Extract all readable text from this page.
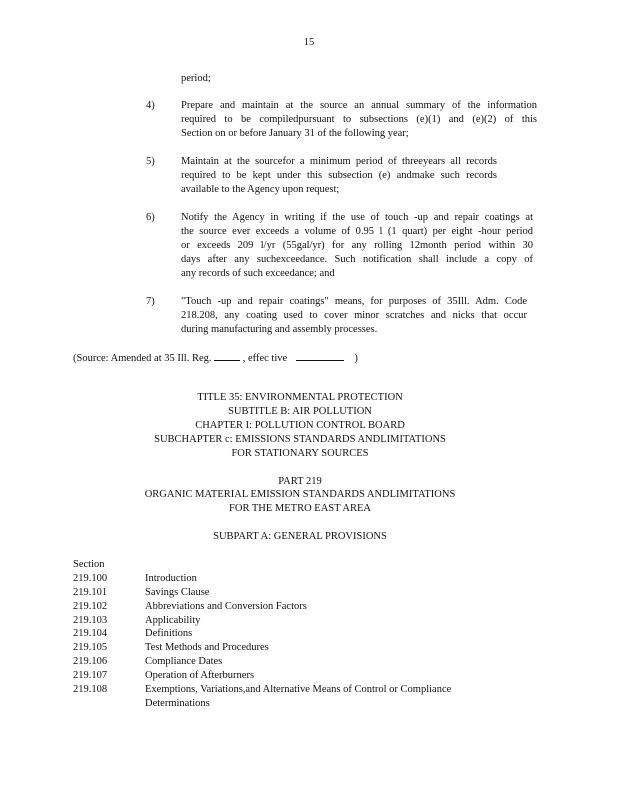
15
period;
4)	Prepare and maintain at the source an annual summary of the information
required to be compiledpursuant to subsections (e)(1) and (e)(2) of this
Section on or before January 31 of the following year;
5)	Maintain at the sourcefor a minimum period of threeyears all records
required to be kept under this subsection (e) andmake such records
available to the Agency upon request;
6)	Notify the Agency in writing if the use of touch -up and repair coatings at
the source ever exceeds a volume of 0.95 l (1 quart) per eight -hour period
or exceeds 209 l/yr (55gal/yr) for any rolling 12month period within 30
days after any suchexceedance. Such notification shall include a copy of
any records of such exceedance; and
7)	"Touch -up and repair coatings" means, for purposes of 35Ill. Adm. Code
218.208, any coating used to cover minor scratches and nicks that occur
during manufacturing and assembly processes.
(Source: Amended at 35 Ill. Reg.	, effec tive	)
TITLE 35: ENVIRONMENTAL PROTECTION
SUBTITLE B: AIR POLLUTION
CHAPTER I: POLLUTION CONTROL BOARD
SUBCHAPTER c: EMISSIONS STANDARDS ANDLIMITATIONS
FOR STATIONARY SOURCES
PART 219
ORGANIC MATERIAL EMISSION STANDARDS ANDLIMITATIONS
FOR THE METRO EAST AREA
SUBPART A: GENERAL PROVISIONS
Section
219.100	Introduction
219.101	Savings Clause
219.102	Abbreviations and Conversion Factors
219.103	Applicability
219.104	Definitions
219.105	Test Methods and Procedures
219.106	Compliance Dates
219.107	Operation of Afterburners
219.108	Exemptions, Variations,and Alternative Means of Control or Compliance
Determinations
